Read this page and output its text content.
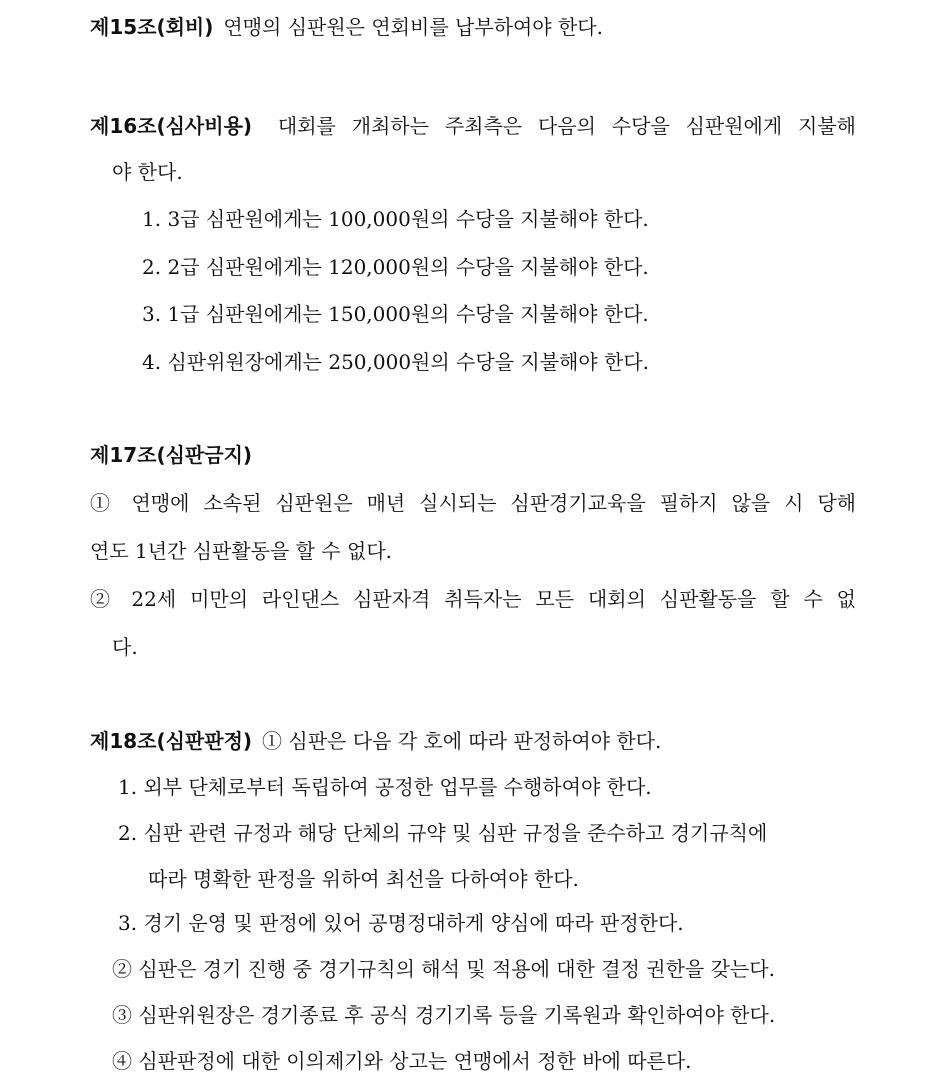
제15조(회비) 연맹의 심판원은 연회비를 납부하여야 한다.
제16조(심사비용) 대회를 개최하는 주최측은 다음의 수당을 심판원에게 지불해
야 한다.
1. 3급 심판원에게는 100,000원의 수당을 지불해야 한다.
2. 2급 심판원에게는 120,000원의 수당을 지불해야 한다.
3. 1급 심판원에게는 150,000원의 수당을 지불해야 한다.
4. 심판위원장에게는 250,000원의 수당을 지불해야 한다.
제17조(심판금지)
① 연맹에 소속된 심판원은 매년 실시되는 심판경기교육을 필하지 않을 시 당해
연도 1년간 심판활동을 할 수 없다.
② 22세 미만의 라인댄스 심판자격 취득자는 모든 대회의 심판활동을 할 수 없
다.
제18조(심판판정) ① 심판은 다음 각 호에 따라 판정하여야 한다.
1. 외부 단체로부터 독립하여 공정한 업무를 수행하여야 한다.
2. 심판 관련 규정과 해당 단체의 규약 및 심판 규정을 준수하고 경기규칙에
따라 명확한 판정을 위하여 최선을 다하여야 한다.
3. 경기 운영 및 판정에 있어 공명정대하게 양심에 따라 판정한다.
② 심판은 경기 진행 중 경기규칙의 해석 및 적용에 대한 결정 권한을 갖는다.
③ 심판위원장은 경기종료 후 공식 경기기록 등을 기록원과 확인하여야 한다.
④ 심판판정에 대한 이의제기와 상고는 연맹에서 정한 바에 따른다.
